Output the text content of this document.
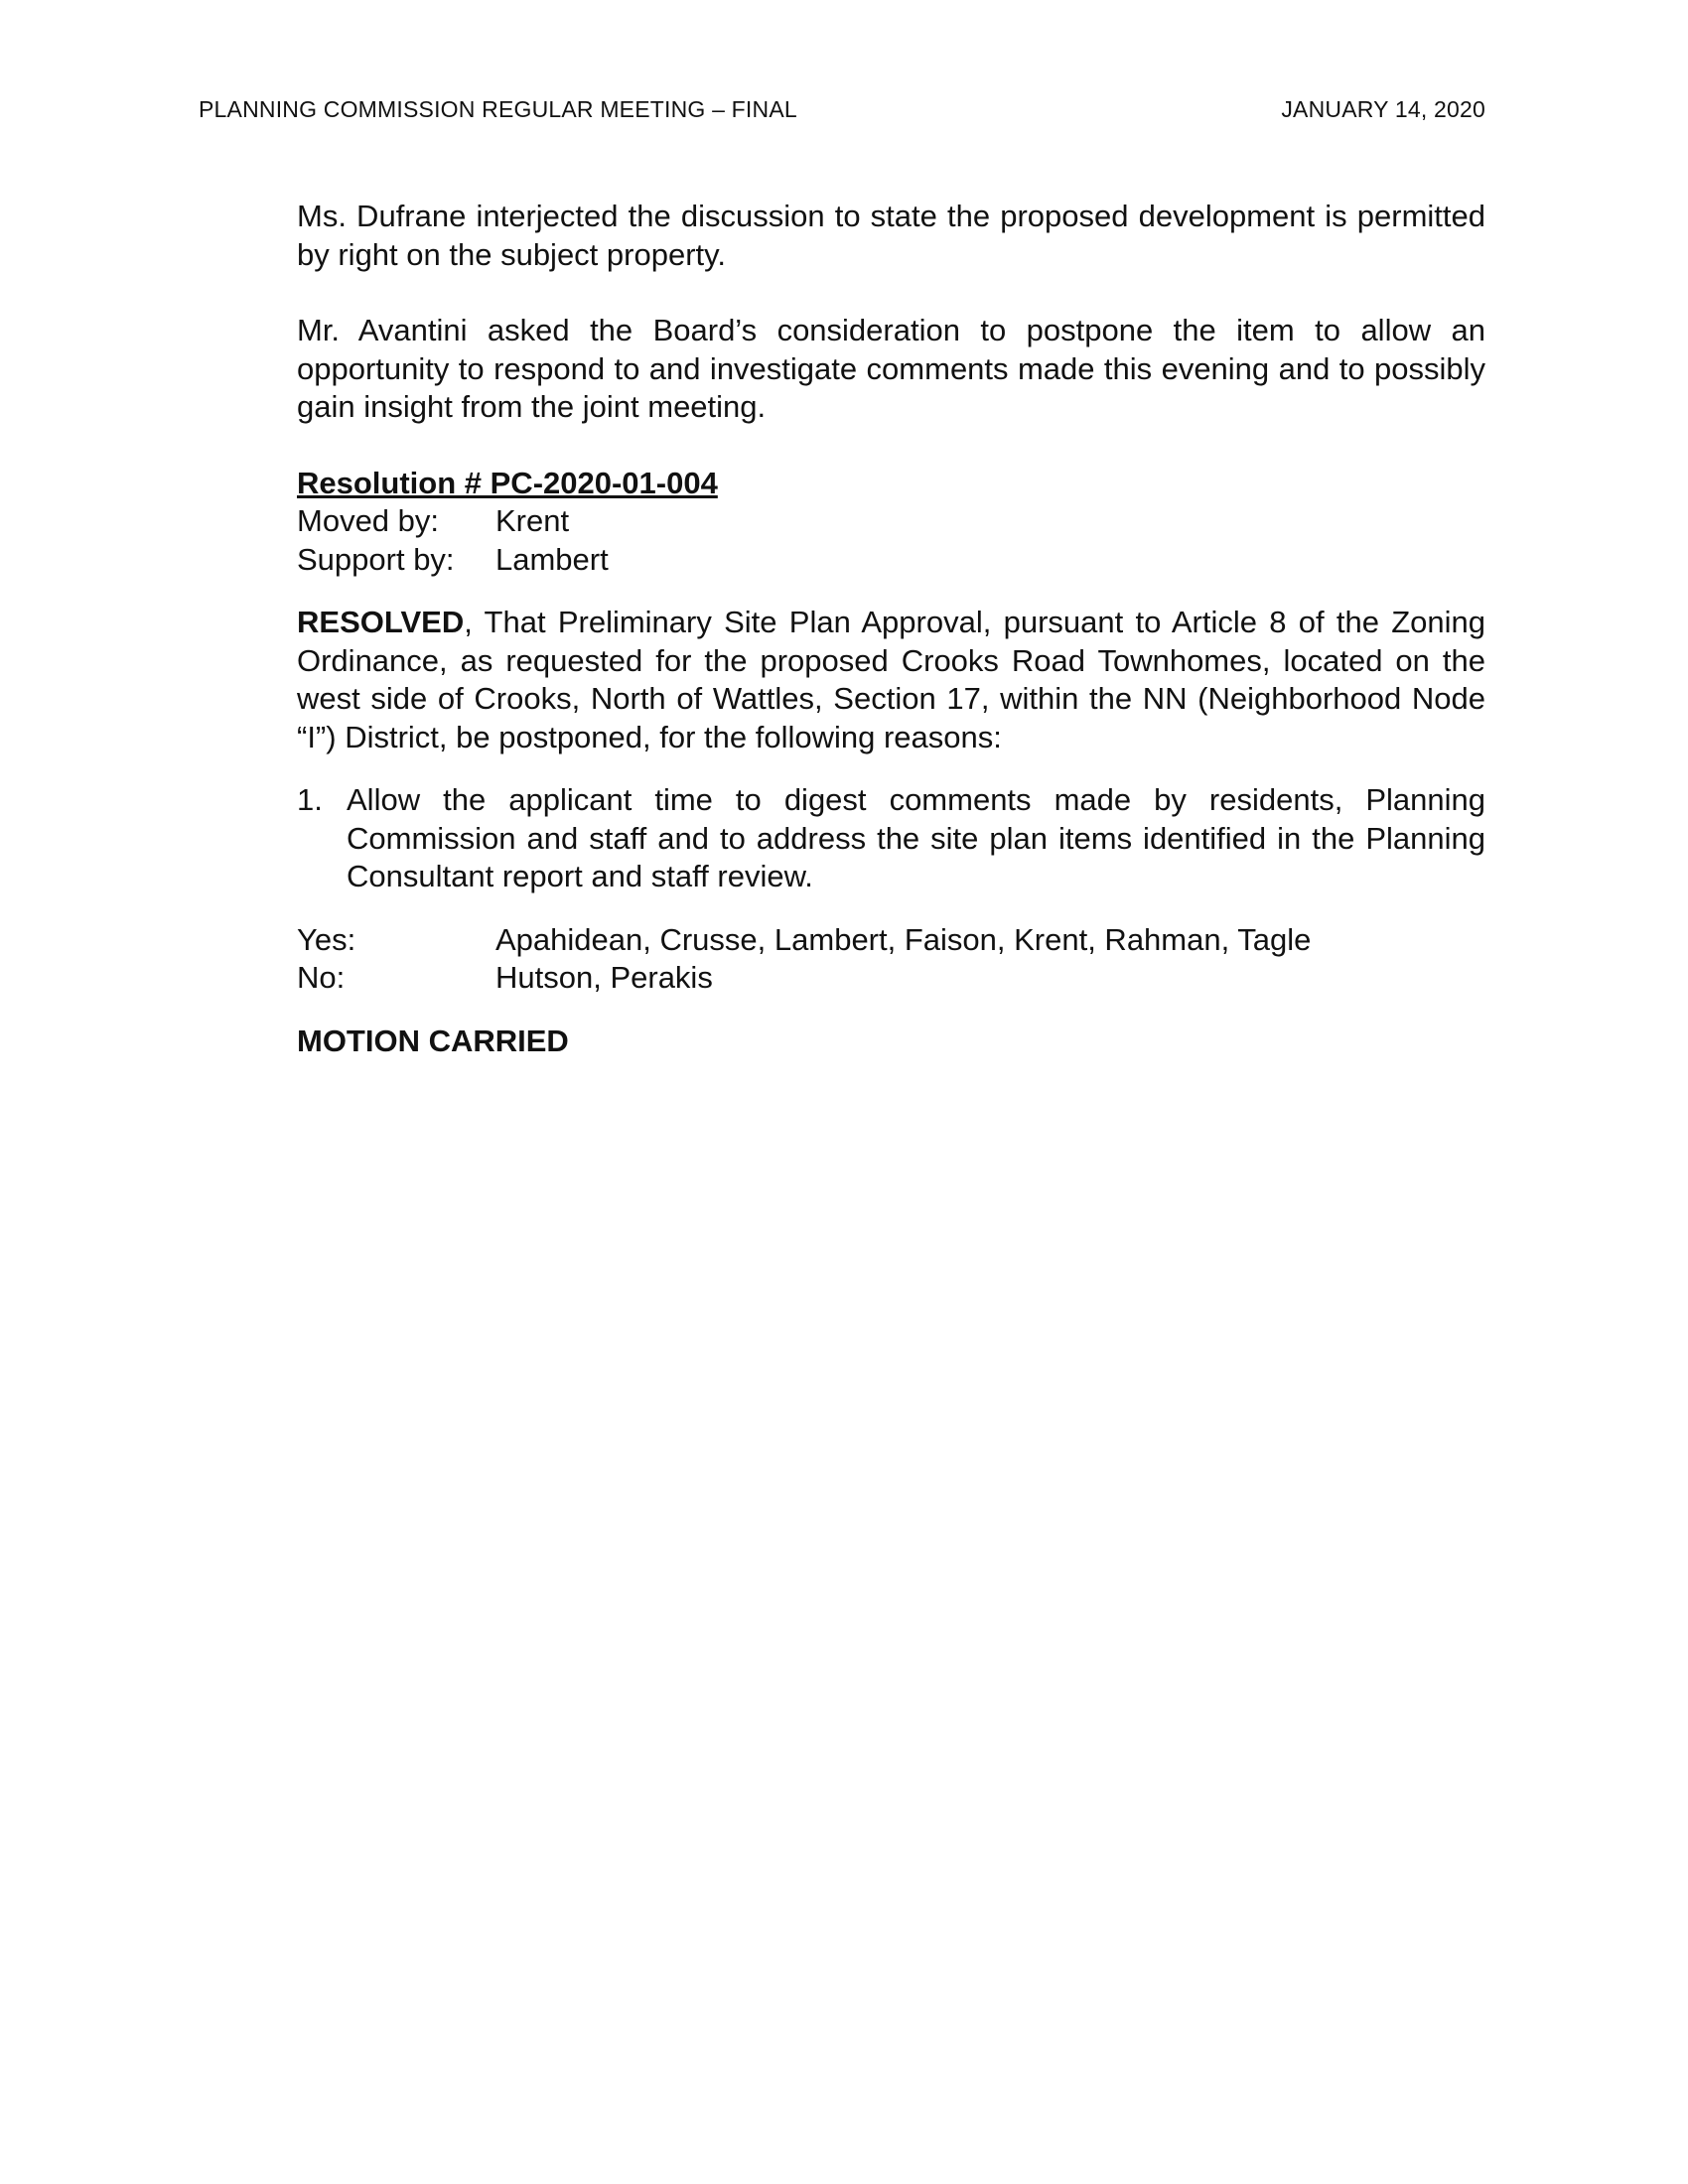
PLANNING COMMISSION REGULAR MEETING – FINAL	JANUARY 14, 2020

Ms. Dufrane interjected the discussion to state the proposed development is permitted by right on the subject property.

Mr. Avantini asked the Board’s consideration to postpone the item to allow an opportunity to respond to and investigate comments made this evening and to possibly gain insight from the joint meeting.

Resolution # PC-2020-01-004

Moved by:	Krent
Support by:	Lambert

RESOLVED, That Preliminary Site Plan Approval, pursuant to Article 8 of the Zoning Ordinance, as requested for the proposed Crooks Road Townhomes, located on the west side of Crooks, North of Wattles, Section 17, within the NN (Neighborhood Node “I”) District, be postponed, for the following reasons:

1. Allow the applicant time to digest comments made by residents, Planning Commission and staff and to address the site plan items identified in the Planning Consultant report and staff review.
Yes:	Apahidean, Crusse, Lambert, Faison, Krent, Rahman, Tagle
No:	Hutson, Perakis

MOTION CARRIED
